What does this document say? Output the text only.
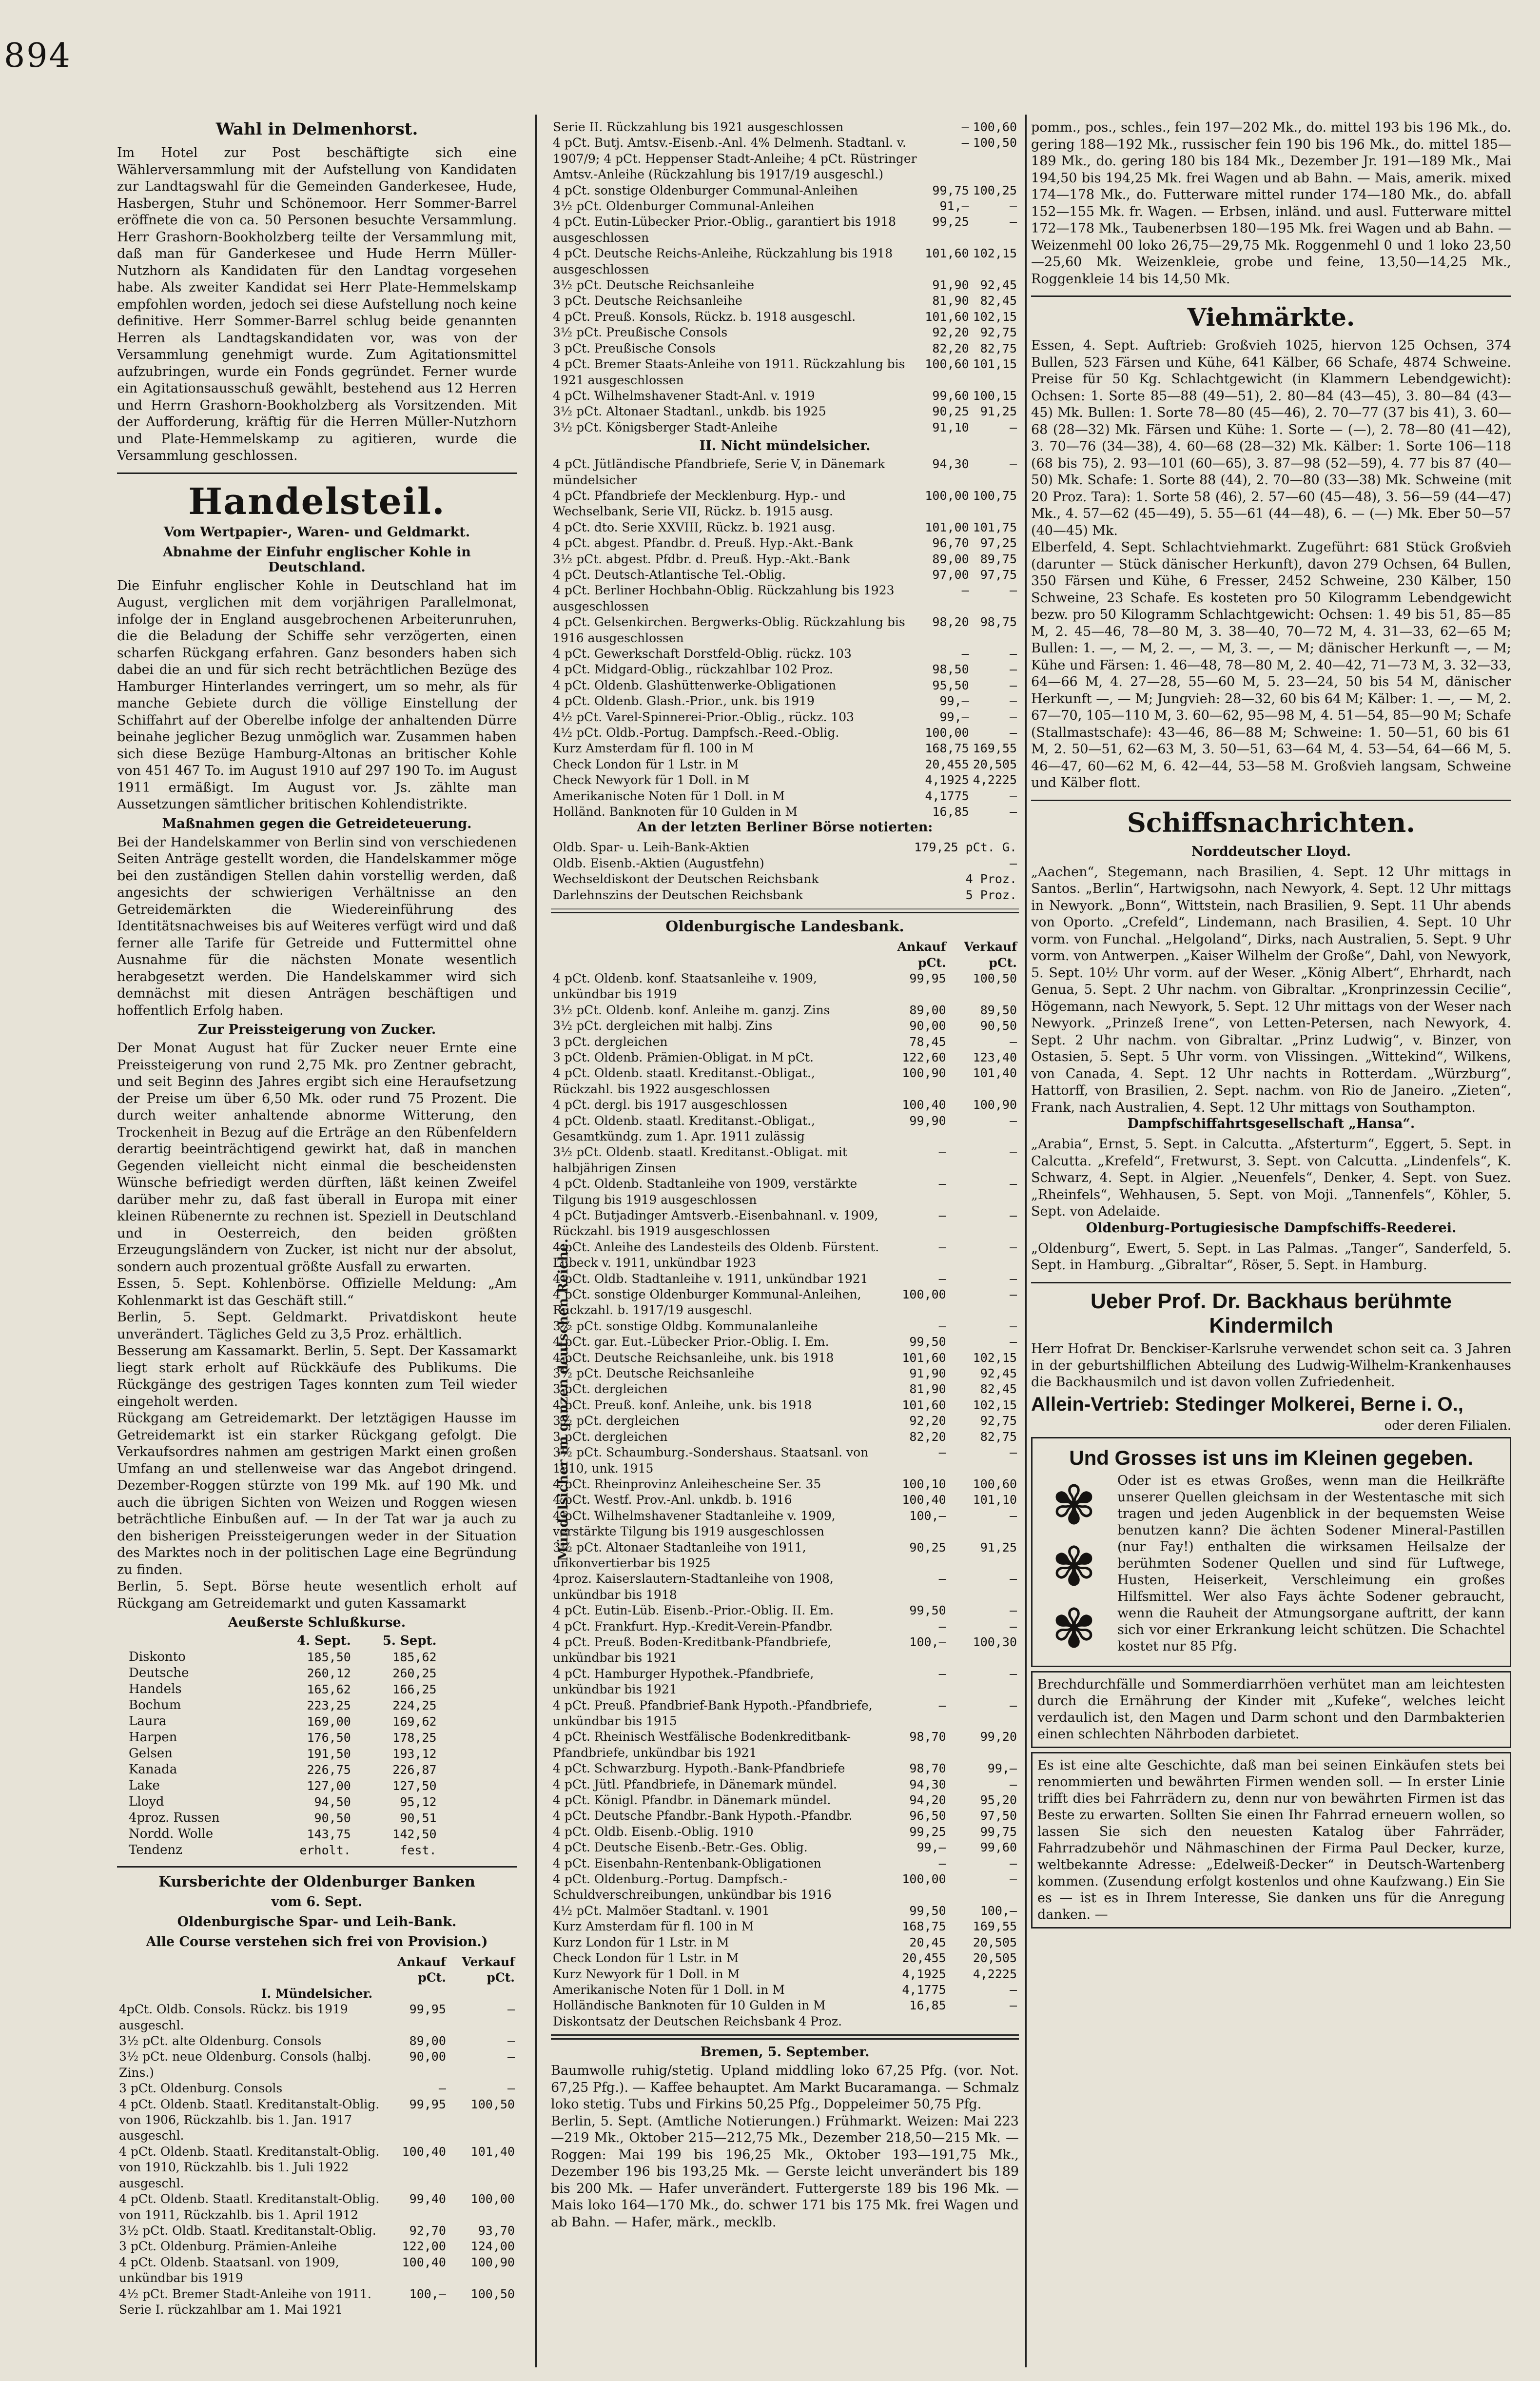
894
Wahl in Delmenhorst.

Im Hotel zur Post beschäftigte sich eine Wählerversammlung mit der Aufstellung von Kandidaten zur Landtagswahl für die Gemeinden Ganderkesee, Hude, Hasbergen, Stuhr und Schönemoor. Herr Sommer-Barrel eröffnete die von ca. 50 Personen besuchte Versammlung. Herr Grashorn-Bookholzberg teilte der Versammlung mit, daß man für Ganderkesee und Hude Herrn Müller-Nutzhorn als Kandidaten für den Landtag vorgesehen habe. Als zweiter Kandidat sei Herr Plate-Hemmelskamp empfohlen worden, jedoch sei diese Aufstellung noch keine definitive. Herr Sommer-Barrel schlug beide genannten Herren als Landtagskandidaten vor, was von der Versammlung genehmigt wurde. Zum Agitationsmittel aufzubringen, wurde ein Fonds gegründet. Ferner wurde ein Agitationsausschuß gewählt, bestehend aus 12 Herren und Herrn Grashorn-Bookholzberg als Vorsitzenden. Mit der Aufforderung, kräftig für die Herren Müller-Nutzhorn und Plate-Hemmelskamp zu agitieren, wurde die Versammlung geschlossen.

Handelsteil.
Vom Wertpapier-, Waren- und Geldmarkt.
Abnahme der Einfuhr englischer Kohle in Deutschland.

Die Einfuhr englischer Kohle in Deutschland hat im August, verglichen mit dem vorjährigen Parallelmonat, infolge der in England ausgebrochenen Arbeiterunruhen, die die Beladung der Schiffe sehr verzögerten, einen scharfen Rückgang erfahren. Ganz besonders haben sich dabei die an und für sich recht beträchtlichen Bezüge des Hamburger Hinterlandes verringert, um so mehr, als für manche Gebiete durch die völlige Einstellung der Schiffahrt auf der Oberelbe infolge der anhaltenden Dürre beinahe jeglicher Bezug unmöglich war. Zusammen haben sich diese Bezüge Hamburg-Altonas an britischer Kohle von 451 467 To. im August 1910 auf 297 190 To. im August 1911 ermäßigt. Im August vor. Js. zählte man Aussetzungen sämtlicher britischen Kohlendistrikte.

Maßnahmen gegen die Getreideteuerung.

Bei der Handelskammer von Berlin sind von verschiedenen Seiten Anträge gestellt worden, die Handelskammer möge bei den zuständigen Stellen dahin vorstellig werden, daß angesichts der schwierigen Verhältnisse an den Getreidemärkten die Wiedereinführung des Identitätsnachweises bis auf Weiteres verfügt wird und daß ferner alle Tarife für Getreide und Futtermittel ohne Ausnahme für die nächsten Monate wesentlich herabgesetzt werden. Die Handelskammer wird sich demnächst mit diesen Anträgen beschäftigen und hoffentlich Erfolg haben.

Zur Preissteigerung von Zucker.

Der Monat August hat für Zucker neuer Ernte eine Preissteigerung von rund 2,75 Mk. pro Zentner gebracht, und seit Beginn des Jahres ergibt sich eine Heraufsetzung der Preise um über 6,50 Mk. oder rund 75 Prozent. Die durch weiter anhaltende abnorme Witterung, den Trockenheit in Bezug auf die Erträge an den Rübenfeldern derartig beeinträchtigend gewirkt hat, daß in manchen Gegenden vielleicht nicht einmal die bescheidensten Wünsche befriedigt werden dürften, läßt keinen Zweifel darüber mehr zu, daß fast überall in Europa mit einer kleinen Rübenernte zu rechnen ist. Speziell in Deutschland und in Oesterreich, den beiden größten Erzeugungsländern von Zucker, ist nicht nur der absolut, sondern auch prozentual größte Ausfall zu erwarten.

Essen, 5. Sept. Kohlenbörse. Offizielle Meldung: „Am Kohlenmarkt ist das Geschäft still.“

Berlin, 5. Sept. Geldmarkt. Privatdiskont heute unverändert. Tägliches Geld zu 3,5 Proz. erhältlich.

Besserung am Kassamarkt. Berlin, 5. Sept. Der Kassamarkt liegt stark erholt auf Rückkäufe des Publikums. Die Rückgänge des gestrigen Tages konnten zum Teil wieder eingeholt werden.

Rückgang am Getreidemarkt. Der letztägigen Hausse im Getreidemarkt ist ein starker Rückgang gefolgt. Die Verkaufsordres nahmen am gestrigen Markt einen großen Umfang an und stellenweise war das Angebot dringend. Dezember-Roggen stürzte von 199 Mk. auf 190 Mk. und auch die übrigen Sichten von Weizen und Roggen wiesen beträchtliche Einbußen auf. — In der Tat war ja auch zu den bisherigen Preissteigerungen weder in der Situation des Marktes noch in der politischen Lage eine Begründung zu finden.

Berlin, 5. Sept. Börse heute wesentlich erholt auf Rückgang am Getreidemarkt und guten Kassamarkt

Aeußerste Schlußkurse.
	4. Sept.	5. Sept.
Diskonto	185,50	185,62
Deutsche	260,12	260,25
Handels	165,62	166,25
Bochum	223,25	224,25
Laura	169,00	169,62
Harpen	176,50	178,25
Gelsen	191,50	193,12
Kanada	226,75	226,87
Lake	127,00	127,50
Lloyd	94,50	95,12
4proz. Russen	90,50	90,51
Nordd. Wolle	143,75	142,50
Tendenz	erholt.	fest.
Kursberichte der Oldenburger Banken
vom 6. Sept.
Oldenburgische Spar- und Leih-Bank.
Alle Course verstehen sich frei von Provision.)
	Ankauf pCt.	Verkauf pCt.
I. Mündelsicher.		
4pCt. Oldb. Consols. Rückz. bis 1919 ausgeschl.	99,95	—
3½ pCt. alte Oldenburg. Consols	89,00	—
3½ pCt. neue Oldenburg. Consols (halbj. Zins.)	90,00	—
3 pCt. Oldenburg. Consols	—	—
4 pCt. Oldenb. Staatl. Kreditanstalt-Oblig. von 1906, Rückzahlb. bis 1. Jan. 1917 ausgeschl.	99,95	100,50
4 pCt. Oldenb. Staatl. Kreditanstalt-Oblig. von 1910, Rückzahlb. bis 1. Juli 1922 ausgeschl.	100,40	101,40
4 pCt. Oldenb. Staatl. Kreditanstalt-Oblig. von 1911, Rückzahlb. bis 1. April 1912	99,40	100,00
3½ pCt. Oldb. Staatl. Kreditanstalt-Oblig.	92,70	93,70
3 pCt. Oldenburg. Prämien-Anleihe	122,00	124,00
4 pCt. Oldenb. Staatsanl. von 1909, unkündbar bis 1919	100,40	100,90
4½ pCt. Bremer Stadt-Anleihe von 1911. Serie I. rückzahlbar am 1. Mai 1921	100,—	100,50
Serie II. Rückzahlung bis 1921 ausgeschlossen	—	100,60
4 pCt. Butj. Amtsv.-Eisenb.-Anl. 4% Delmenh. Stadtanl. v. 1907/9; 4 pCt. Heppenser Stadt-Anleihe; 4 pCt. Rüstringer Amtsv.-Anleihe (Rückzahlung bis 1917/19 ausgeschl.)	—	100,50
4 pCt. sonstige Oldenburger Communal-Anleihen	99,75	100,25
3½ pCt. Oldenburger Communal-Anleihen	91,—	—
4 pCt. Eutin-Lübecker Prior.-Oblig., garantiert bis 1918 ausgeschlossen	99,25	—
4 pCt. Deutsche Reichs-Anleihe, Rückzahlung bis 1918 ausgeschlossen	101,60	102,15
3½ pCt. Deutsche Reichsanleihe	91,90	92,45
3 pCt. Deutsche Reichsanleihe	81,90	82,45
4 pCt. Preuß. Konsols, Rückz. b. 1918 ausgeschl.	101,60	102,15
3½ pCt. Preußische Consols	92,20	92,75
3 pCt. Preußische Consols	82,20	82,75
4 pCt. Bremer Staats-Anleihe von 1911. Rückzahlung bis 1921 ausgeschlossen	100,60	101,15
4 pCt. Wilhelmshavener Stadt-Anl. v. 1919	99,60	100,15
3½ pCt. Altonaer Stadtanl., unkdb. bis 1925	90,25	91,25
3½ pCt. Königsberger Stadt-Anleihe	91,10	—
II. Nicht mündelsicher.
4 pCt. Jütländische Pfandbriefe, Serie V, in Dänemark mündelsicher	94,30	—
4 pCt. Pfandbriefe der Mecklenburg. Hyp.- und Wechselbank, Serie VII, Rückz. b. 1915 ausg.	100,00	100,75
4 pCt. dto. Serie XXVIII, Rückz. b. 1921 ausg.	101,00	101,75
4 pCt. abgest. Pfandbr. d. Preuß. Hyp.-Akt.-Bank	96,70	97,25
3½ pCt. abgest. Pfdbr. d. Preuß. Hyp.-Akt.-Bank	89,00	89,75
4 pCt. Deutsch-Atlantische Tel.-Oblig.	97,00	97,75
4 pCt. Berliner Hochbahn-Oblig. Rückzahlung bis 1923 ausgeschlossen	—	—
4 pCt. Gelsenkirchen. Bergwerks-Oblig. Rückzahlung bis 1916 ausgeschlossen	98,20	98,75
4 pCt. Gewerkschaft Dorstfeld-Oblig. rückz. 103	—	—
4 pCt. Midgard-Oblig., rückzahlbar 102 Proz.	98,50	—
4 pCt. Oldenb. Glashüttenwerke-Obligationen	95,50	—
4 pCt. Oldenb. Glash.-Prior., unk. bis 1919	99,—	—
4½ pCt. Varel-Spinnerei-Prior.-Oblig., rückz. 103	99,—	—
4½ pCt. Oldb.-Portug. Dampfsch.-Reed.-Oblig.	100,00	—
Kurz Amsterdam für fl. 100 in M	168,75	169,55
Check London für 1 Lstr. in M	20,455	20,505
Check Newyork für 1 Doll. in M	4,1925	4,2225
Amerikanische Noten für 1 Doll. in M	4,1775	—
Holländ. Banknoten für 10 Gulden in M	16,85	—
An der letzten Berliner Börse notierten:
Oldb. Spar- u. Leih-Bank-Aktien	179,25 pCt. G.
Oldb. Eisenb.-Aktien (Augustfehn)	—
Wechseldiskont der Deutschen Reichsbank	4 Proz.
Darlehnszins der Deutschen Reichsbank	5 Proz.
Oldenburgische Landesbank.
	Ankauf pCt.	Verkauf pCt.
4 pCt. Oldenb. konf. Staatsanleihe v. 1909, unkündbar bis 1919	99,95	100,50
3½ pCt. Oldenb. konf. Anleihe m. ganzj. Zins	89,00	89,50
3½ pCt. dergleichen mit halbj. Zins	90,00	90,50
3 pCt. dergleichen	78,45	—
3 pCt. Oldenb. Prämien-Obligat. in M pCt.	122,60	123,40
4 pCt. Oldenb. staatl. Kreditanst.-Obligat., Rückzahl. bis 1922 ausgeschlossen	100,90	101,40
4 pCt. dergl. bis 1917 ausgeschlossen	100,40	100,90
4 pCt. Oldenb. staatl. Kreditanst.-Obligat., Gesamtkündg. zum 1. Apr. 1911 zulässig	99,90	—
3½ pCt. Oldenb. staatl. Kreditanst.-Obligat. mit halbjährigen Zinsen	—	—
4 pCt. Oldenb. Stadtanleihe von 1909, verstärkte Tilgung bis 1919 ausgeschlossen	—	—
4 pCt. Butjadinger Amtsverb.-Eisenbahnanl. v. 1909, Rückzahl. bis 1919 ausgeschlossen	—	—
4 pCt. Anleihe des Landesteils des Oldenb. Fürstent. Lübeck v. 1911, unkündbar 1923	—	—
4 pCt. Oldb. Stadtanleihe v. 1911, unkündbar 1921	—	—
4 pCt. sonstige Oldenburger Kommunal-Anleihen, Rückzahl. b. 1917/19 ausgeschl.	100,00	—
3½ pCt. sonstige Oldbg. Kommunalanleihe	—	—
4 pCt. gar. Eut.-Lübecker Prior.-Oblig. I. Em.	99,50	—
4 pCt. Deutsche Reichsanleihe, unk. bis 1918	101,60	102,15
3½ pCt. Deutsche Reichsanleihe	91,90	92,45
3 pCt. dergleichen	81,90	82,45
4 pCt. Preuß. konf. Anleihe, unk. bis 1918	101,60	102,15
3½ pCt. dergleichen	92,20	92,75
3 pCt. dergleichen	82,20	82,75
3½ pCt. Schaumburg.-Sondershaus. Staatsanl. von 1910, unk. 1915	—	—
4 pCt. Rheinprovinz Anleihescheine Ser. 35	100,10	100,60
4 pCt. Westf. Prov.-Anl. unkdb. b. 1916	100,40	101,10
4 pCt. Wilhelmshavener Stadtanleihe v. 1909, verstärkte Tilgung bis 1919 ausgeschlossen	100,—	—
3½ pCt. Altonaer Stadtanleihe von 1911, unkonvertierbar bis 1925	90,25	91,25
4proz. Kaiserslautern-Stadtanleihe von 1908, unkündbar bis 1918	—	—
4 pCt. Eutin-Lüb. Eisenb.-Prior.-Oblig. II. Em.	99,50	—
4 pCt. Frankfurt. Hyp.-Kredit-Verein-Pfandbr.	—	—
4 pCt. Preuß. Boden-Kreditbank-Pfandbriefe, unkündbar bis 1921	100,—	100,30
4 pCt. Hamburger Hypothek.-Pfandbriefe, unkündbar bis 1921	—	—
4 pCt. Preuß. Pfandbrief-Bank Hypoth.-Pfandbriefe, unkündbar bis 1915	—	—
4 pCt. Rheinisch Westfälische Bodenkreditbank-Pfandbriefe, unkündbar bis 1921	98,70	99,20
4 pCt. Schwarzburg. Hypoth.-Bank-Pfandbriefe	98,70	99,—
4 pCt. Jütl. Pfandbriefe, in Dänemark mündel.	94,30	—
4 pCt. Königl. Pfandbr. in Dänemark mündel.	94,20	95,20
4 pCt. Deutsche Pfandbr.-Bank Hypoth.-Pfandbr.	96,50	97,50
4 pCt. Oldb. Eisenb.-Oblig. 1910	99,25	99,75
4 pCt. Deutsche Eisenb.-Betr.-Ges. Oblig.	99,—	99,60
4 pCt. Eisenbahn-Rentenbank-Obligationen	—	—
4 pCt. Oldenburg.-Portug. Dampfsch.-Schuldverschreibungen, unkündbar bis 1916	100,00	—
4½ pCt. Malmöer Stadtanl. v. 1901	99,50	100,—
Kurz Amsterdam für fl. 100 in M	168,75	169,55
Kurz London für 1 Lstr. in M	20,45	20,505
Check London für 1 Lstr. in M	20,455	20,505
Kurz Newyork für 1 Doll. in M	4,1925	4,2225
Amerikanische Noten für 1 Doll. in M	4,1775	—
Holländische Banknoten für 10 Gulden in M	16,85	—
Diskontsatz der Deutschen Reichsbank 4 Proz.		
Bremen, 5. September.

Baumwolle ruhig/stetig. Upland middling loko 67,25 Pfg. (vor. Not. 67,25 Pfg.). — Kaffee behauptet. Am Markt Bucaramanga. — Schmalz loko stetig. Tubs und Firkins 50,25 Pfg., Doppeleimer 50,75 Pfg.

Berlin, 5. Sept. (Amtliche Notierungen.) Frühmarkt. Weizen: Mai 223—219 Mk., Oktober 215—212,75 Mk., Dezember 218,50—215 Mk. — Roggen: Mai 199 bis 196,25 Mk., Oktober 193—191,75 Mk., Dezember 196 bis 193,25 Mk. — Gerste leicht unverändert bis 189 bis 200 Mk. — Hafer unverändert. Futtergerste 189 bis 196 Mk. — Mais loko 164—170 Mk., do. schwer 171 bis 175 Mk. frei Wagen und ab Bahn. — Hafer, märk., mecklb.

Mündelsicher im ganzen deutschen Reiche.

pomm., pos., schles., fein 197—202 Mk., do. mittel 193 bis 196 Mk., do. gering 188—192 Mk., russischer fein 190 bis 196 Mk., do. mittel 185—189 Mk., do. gering 180 bis 184 Mk., Dezember Jr. 191—189 Mk., Mai 194,50 bis 194,25 Mk. frei Wagen und ab Bahn. — Mais, amerik. mixed 174—178 Mk., do. Futterware mittel runder 174—180 Mk., do. abfall 152—155 Mk. fr. Wagen. — Erbsen, inländ. und ausl. Futterware mittel 172—178 Mk., Taubenerbsen 180—195 Mk. frei Wagen und ab Bahn. — Weizenmehl 00 loko 26,75—29,75 Mk. Roggenmehl 0 und 1 loko 23,50—25,60 Mk. Weizenkleie, grobe und feine, 13,50—14,25 Mk., Roggenkleie 14 bis 14,50 Mk.

Viehmärkte.

Essen, 4. Sept. Auftrieb: Großvieh 1025, hiervon 125 Ochsen, 374 Bullen, 523 Färsen und Kühe, 641 Kälber, 66 Schafe, 4874 Schweine. Preise für 50 Kg. Schlachtgewicht (in Klammern Lebendgewicht): Ochsen: 1. Sorte 85—88 (49—51), 2. 80—84 (43—45), 3. 80—84 (43—45) Mk. Bullen: 1. Sorte 78—80 (45—46), 2. 70—77 (37 bis 41), 3. 60—68 (28—32) Mk. Färsen und Kühe: 1. Sorte — (—), 2. 78—80 (41—42), 3. 70—76 (34—38), 4. 60—68 (28—32) Mk. Kälber: 1. Sorte 106—118 (68 bis 75), 2. 93—101 (60—65), 3. 87—98 (52—59), 4. 77 bis 87 (40—50) Mk. Schafe: 1. Sorte 88 (44), 2. 70—80 (33—38) Mk. Schweine (mit 20 Proz. Tara): 1. Sorte 58 (46), 2. 57—60 (45—48), 3. 56—59 (44—47) Mk., 4. 57—62 (45—49), 5. 55—61 (44—48), 6. — (—) Mk. Eber 50—57 (40—45) Mk.

Elberfeld, 4. Sept. Schlachtviehmarkt. Zugeführt: 681 Stück Großvieh (darunter — Stück dänischer Herkunft), davon 279 Ochsen, 64 Bullen, 350 Färsen und Kühe, 6 Fresser, 2452 Schweine, 230 Kälber, 150 Schweine, 23 Schafe. Es kosteten pro 50 Kilogramm Lebendgewicht bezw. pro 50 Kilogramm Schlachtgewicht: Ochsen: 1. 49 bis 51, 85—85 M, 2. 45—46, 78—80 M, 3. 38—40, 70—72 M, 4. 31—33, 62—65 M; Bullen: 1. —, — M, 2. —, — M, 3. —, — M; dänischer Herkunft —, — M; Kühe und Färsen: 1. 46—48, 78—80 M, 2. 40—42, 71—73 M, 3. 32—33, 64—66 M, 4. 27—28, 55—60 M, 5. 23—24, 50 bis 54 M, dänischer Herkunft —, — M; Jungvieh: 28—32, 60 bis 64 M; Kälber: 1. —, — M, 2. 67—70, 105—110 M, 3. 60—62, 95—98 M, 4. 51—54, 85—90 M; Schafe (Stallmastschafe): 43—46, 86—88 M; Schweine: 1. 50—51, 60 bis 61 M, 2. 50—51, 62—63 M, 3. 50—51, 63—64 M, 4. 53—54, 64—66 M, 5. 46—47, 60—62 M, 6. 42—44, 53—58 M. Großvieh langsam, Schweine und Kälber flott.

Schiffsnachrichten.
Norddeutscher Lloyd.

„Aachen“, Stegemann, nach Brasilien, 4. Sept. 12 Uhr mittags in Santos. „Berlin“, Hartwigsohn, nach Newyork, 4. Sept. 12 Uhr mittags in Newyork. „Bonn“, Wittstein, nach Brasilien, 9. Sept. 11 Uhr abends von Oporto. „Crefeld“, Lindemann, nach Brasilien, 4. Sept. 10 Uhr vorm. von Funchal. „Helgoland“, Dirks, nach Australien, 5. Sept. 9 Uhr vorm. von Antwerpen. „Kaiser Wilhelm der Große“, Dahl, von Newyork, 5. Sept. 10½ Uhr vorm. auf der Weser. „König Albert“, Ehrhardt, nach Genua, 5. Sept. 2 Uhr nachm. von Gibraltar. „Kronprinzessin Cecilie“, Högemann, nach Newyork, 5. Sept. 12 Uhr mittags von der Weser nach Newyork. „Prinzeß Irene“, von Letten-Petersen, nach Newyork, 4. Sept. 2 Uhr nachm. von Gibraltar. „Prinz Ludwig“, v. Binzer, von Ostasien, 5. Sept. 5 Uhr vorm. von Vlissingen. „Wittekind“, Wilkens, von Canada, 4. Sept. 12 Uhr nachts in Rotterdam. „Würzburg“, Hattorff, von Brasilien, 2. Sept. nachm. von Rio de Janeiro. „Zieten“, Frank, nach Australien, 4. Sept. 12 Uhr mittags von Southampton.

Dampfschiffahrtsgesellschaft „Hansa“.

„Arabia“, Ernst, 5. Sept. in Calcutta. „Afsterturm“, Eggert, 5. Sept. in Calcutta. „Krefeld“, Fretwurst, 3. Sept. von Calcutta. „Lindenfels“, K. Schwarz, 4. Sept. in Algier. „Neuenfels“, Denker, 4. Sept. von Suez. „Rheinfels“, Wehhausen, 5. Sept. von Moji. „Tannenfels“, Köhler, 5. Sept. von Adelaide.

Oldenburg-Portugiesische Dampfschiffs-Reederei.

„Oldenburg“, Ewert, 5. Sept. in Las Palmas. „Tanger“, Sanderfeld, 5. Sept. in Hamburg. „Gibraltar“, Röser, 5. Sept. in Hamburg.

Ueber Prof. Dr. Backhaus berühmte Kindermilch

Herr Hofrat Dr. Benckiser-Karlsruhe verwendet schon seit ca. 3 Jahren in der geburtshilflichen Abteilung des Ludwig-Wilhelm-Krankenhauses die Backhausmilch und ist davon vollen Zufriedenheit.

Allein-Vertrieb: Stedinger Molkerei, Berne i. O.,
oder deren Filialen.
Und Grosses ist uns im Kleinen gegeben.
✾
✾
✾

Oder ist es etwas Großes, wenn man die Heilkräfte unserer Quellen gleichsam in der Westentasche mit sich tragen und jeden Augenblick in der bequemsten Weise benutzen kann? Die ächten Sodener Mineral-Pastillen (nur Fay!) enthalten die wirksamen Heilsalze der berühmten Sodener Quellen und sind für Luftwege, Husten, Heiserkeit, Verschleimung ein großes Hilfsmittel. Wer also Fays ächte Sodener gebraucht, wenn die Rauheit der Atmungsorgane auftritt, der kann sich vor einer Erkrankung leicht schützen. Die Schachtel kostet nur 85 Pfg.

Brechdurchfälle und Sommerdiarrhöen verhütet man am leichtesten durch die Ernährung der Kinder mit „Kufeke“, welches leicht verdaulich ist, den Magen und Darm schont und den Darmbakterien einen schlechten Nährboden darbietet.

Es ist eine alte Geschichte, daß man bei seinen Einkäufen stets bei renommierten und bewährten Firmen wenden soll. — In erster Linie trifft dies bei Fahrrädern zu, denn nur von bewährten Firmen ist das Beste zu erwarten. Sollten Sie einen Ihr Fahrrad erneuern wollen, so lassen Sie sich den neuesten Katalog über Fahrräder, Fahrradzubehör und Nähmaschinen der Firma Paul Decker, kurze, weltbekannte Adresse: „Edelweiß-Decker“ in Deutsch-Wartenberg kommen. (Zusendung erfolgt kostenlos und ohne Kaufzwang.) Ein Sie es — ist es in Ihrem Interesse, Sie danken uns für die Anregung danken. —
